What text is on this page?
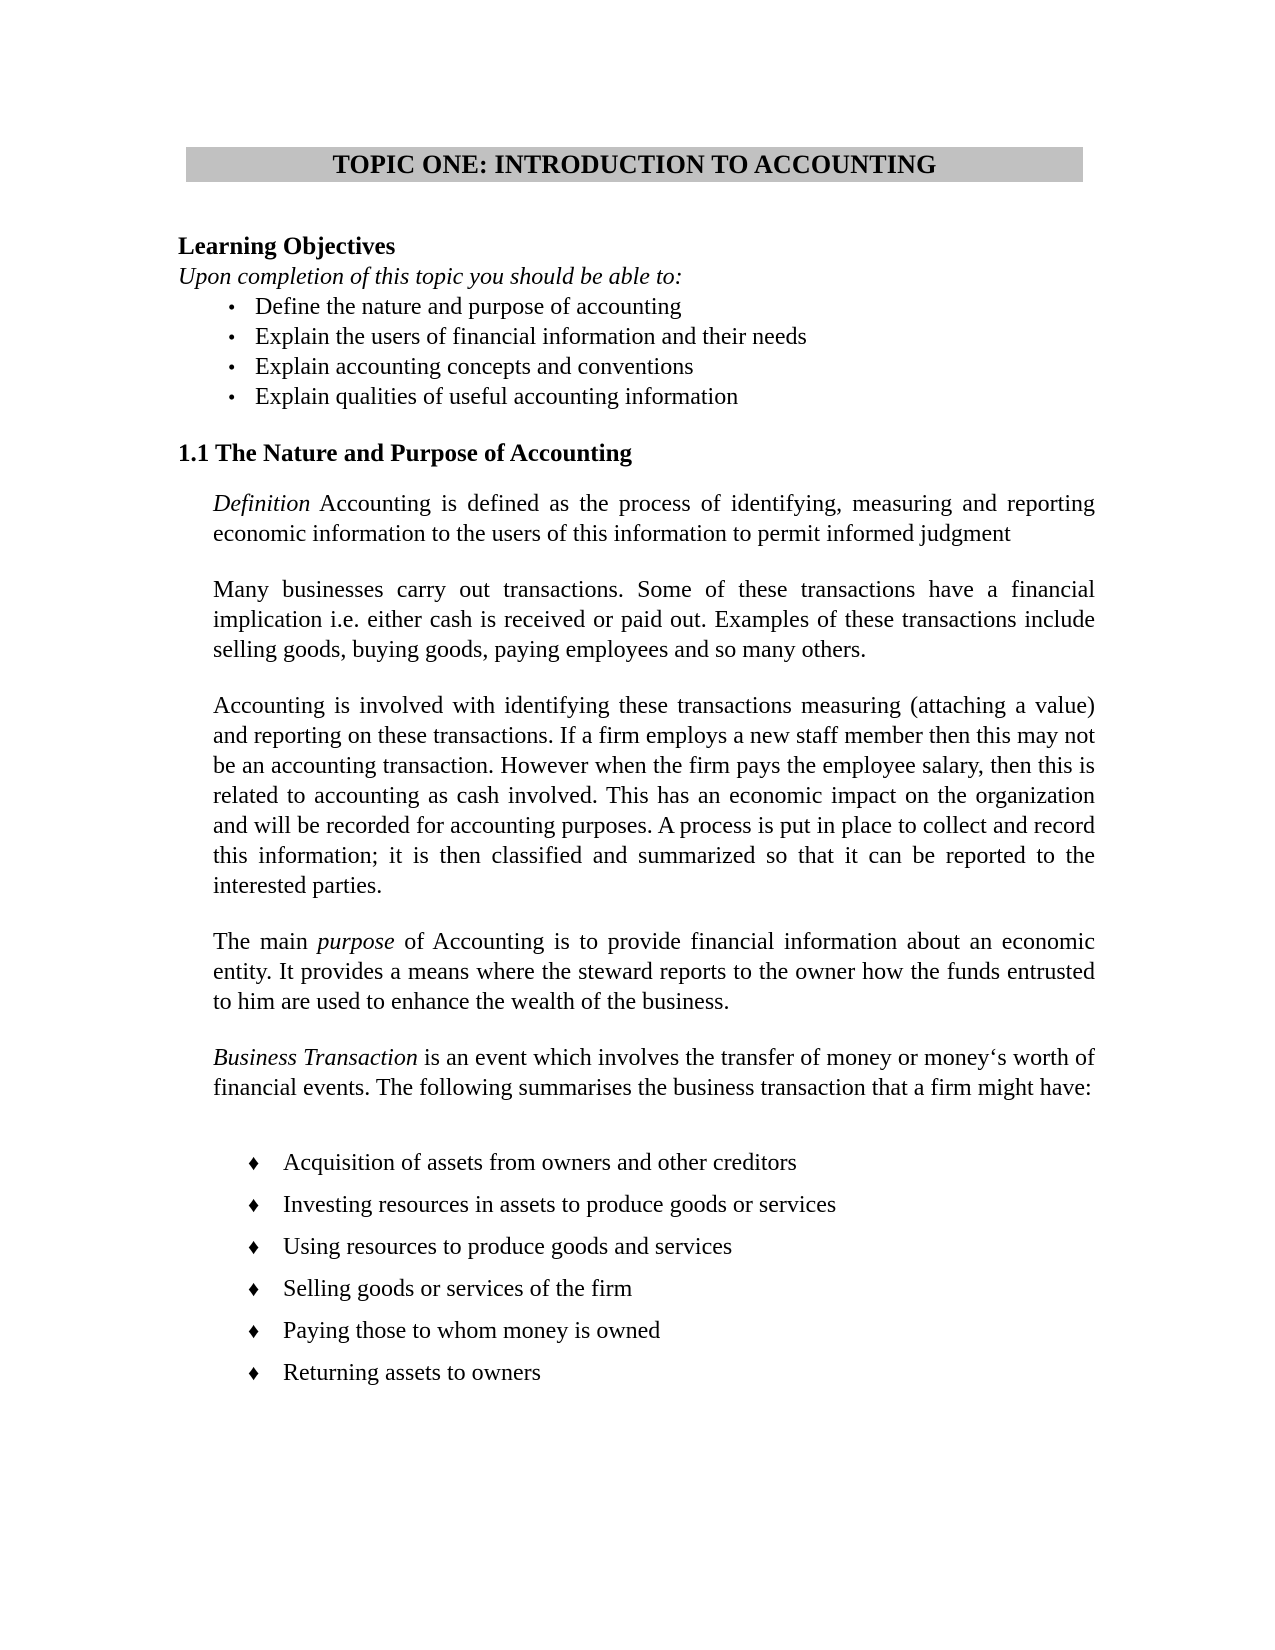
TOPIC ONE: INTRODUCTION TO ACCOUNTING
Learning Objectives

Upon completion of this topic you should be able to:

• Define the nature and purpose of accounting
• Explain the users of financial information and their needs
• Explain accounting concepts and conventions
• Explain qualities of useful accounting information
1.1 The Nature and Purpose of Accounting

Definition Accounting is defined as the process of identifying, measuring and reporting economic information to the users of this information to permit informed judgment

Many businesses carry out transactions. Some of these transactions have a financial implication i.e. either cash is received or paid out. Examples of these transactions include selling goods, buying goods, paying employees and so many others.

Accounting is involved with identifying these transactions measuring (attaching a value) and reporting on these transactions. If a firm employs a new staff member then this may not be an accounting transaction. However when the firm pays the employee salary, then this is related to accounting as cash involved. This has an economic impact on the organization and will be recorded for accounting purposes. A process is put in place to collect and record this information; it is then classified and summarized so that it can be reported to the interested parties.

The main purpose of Accounting is to provide financial information about an economic entity. It provides a means where the steward reports to the owner how the funds entrusted to him are used to enhance the wealth of the business.

Business Transaction is an event which involves the transfer of money or money‘s worth of financial events. The following summarises the business transaction that a firm might have:

♦ Acquisition of assets from owners and other creditors
♦ Investing resources in assets to produce goods or services
♦ Using resources to produce goods and services
♦ Selling goods or services of the firm
♦ Paying those to whom money is owned
♦ Returning assets to owners
